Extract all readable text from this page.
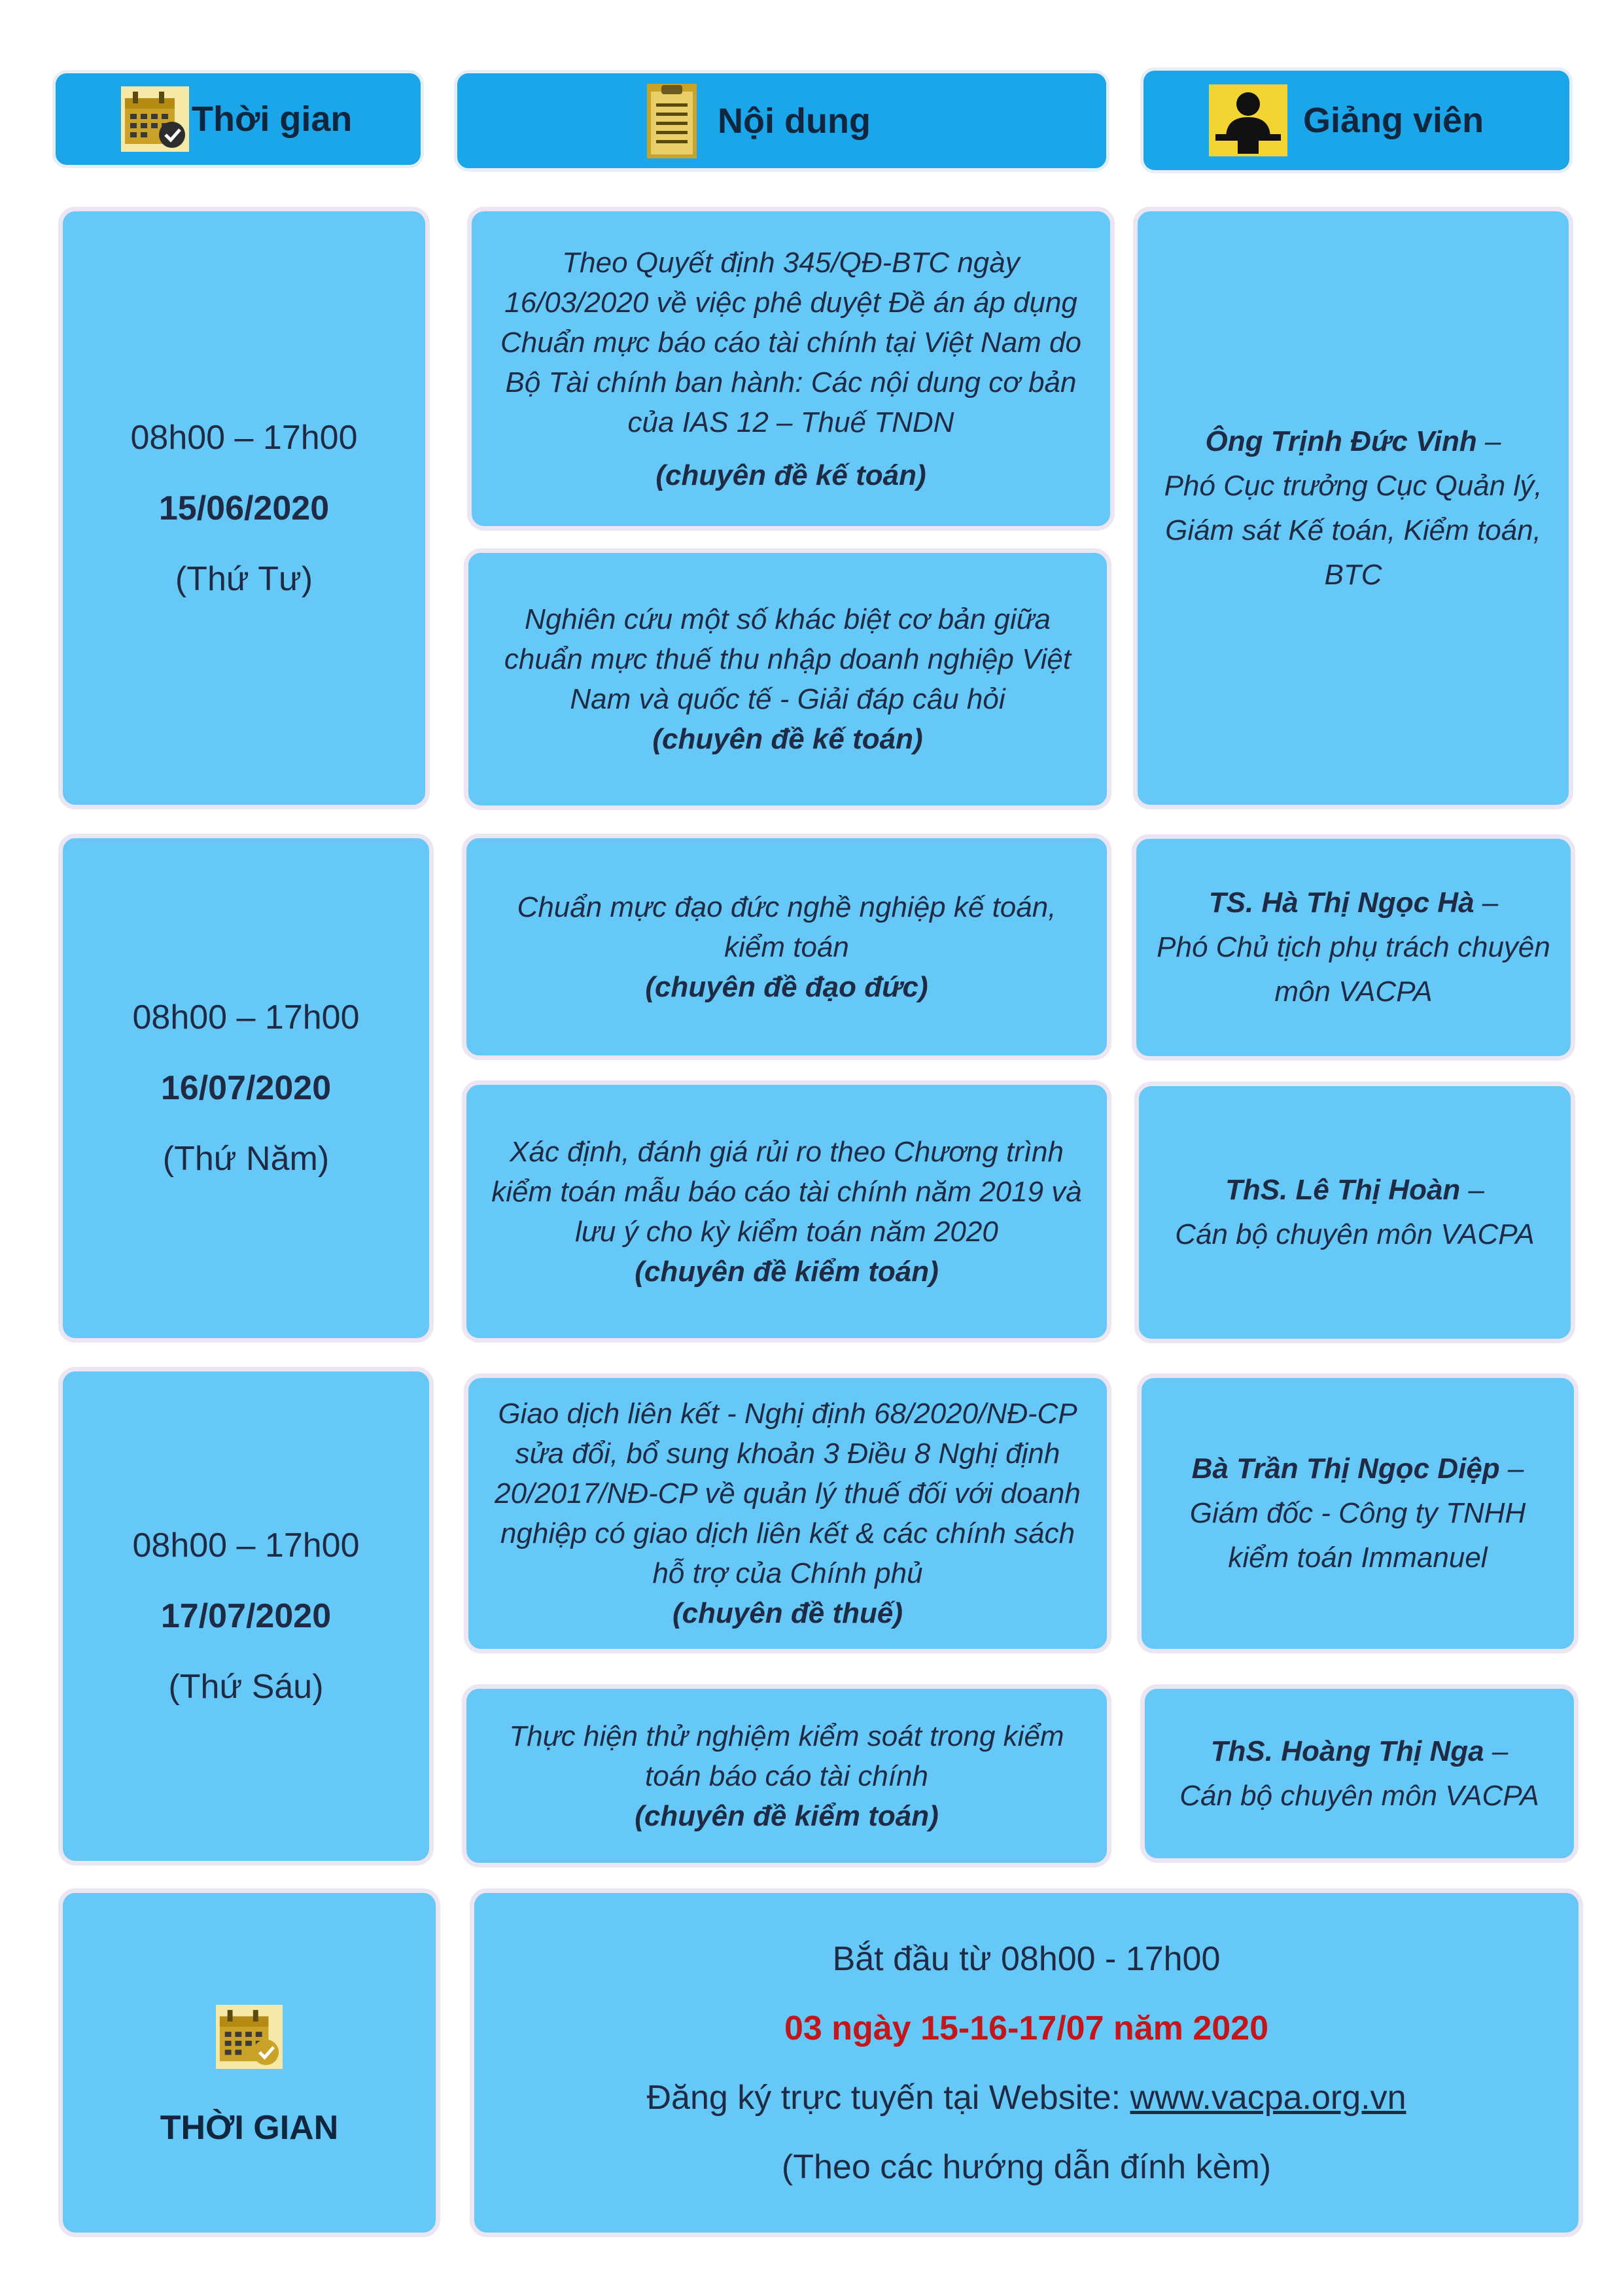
Thời gian	Nội dung	Giảng viên
08h00 – 17h00
15/06/2020
(Thứ Tư)
Theo Quyết định 345/QĐ-BTC ngày 16/03/2020 về việc phê duyệt Đề án áp dụng Chuẩn mực báo cáo tài chính tại Việt Nam do Bộ Tài chính ban hành: Các nội dung cơ bản của IAS 12 – Thuế TNDN
(chuyên đề kế toán)
Nghiên cứu một số khác biệt cơ bản giữa chuẩn mực thuế thu nhập doanh nghiệp Việt Nam và quốc tế - Giải đáp câu hỏi
(chuyên đề kế toán)
Ông Trịnh Đức Vinh –
Phó Cục trưởng Cục Quản lý, Giám sát Kế toán, Kiểm toán, BTC
08h00 – 17h00
16/07/2020
(Thứ Năm)
Chuẩn mực đạo đức nghề nghiệp kế toán, kiểm toán
(chuyên đề đạo đức)
Xác định, đánh giá rủi ro theo Chương trình kiểm toán mẫu báo cáo tài chính năm 2019 và lưu ý cho kỳ kiểm toán năm 2020
(chuyên đề kiểm toán)
TS. Hà Thị Ngọc Hà –
Phó Chủ tịch phụ trách chuyên môn VACPA
ThS. Lê Thị Hoàn –
Cán bộ chuyên môn VACPA
08h00 – 17h00
17/07/2020
(Thứ Sáu)
Giao dịch liên kết - Nghị định 68/2020/NĐ-CP sửa đổi, bổ sung khoản 3 Điều 8 Nghị định 20/2017/NĐ-CP về quản lý thuế đối với doanh nghiệp có giao dịch liên kết & các chính sách hỗ trợ của Chính phủ
(chuyên đề thuế)
Thực hiện thử nghiệm kiểm soát trong kiểm toán báo cáo tài chính
(chuyên đề kiểm toán)
Bà Trần Thị Ngọc Diệp –
Giám đốc - Công ty TNHH kiểm toán Immanuel
ThS. Hoàng Thị Nga –
Cán bộ chuyên môn VACPA
THỜI GIAN
Bắt đầu từ 08h00 - 17h00
03 ngày 15-16-17/07 năm 2020
Đăng ký trực tuyến tại Website: www.vacpa.org.vn
(Theo các hướng dẫn đính kèm)
